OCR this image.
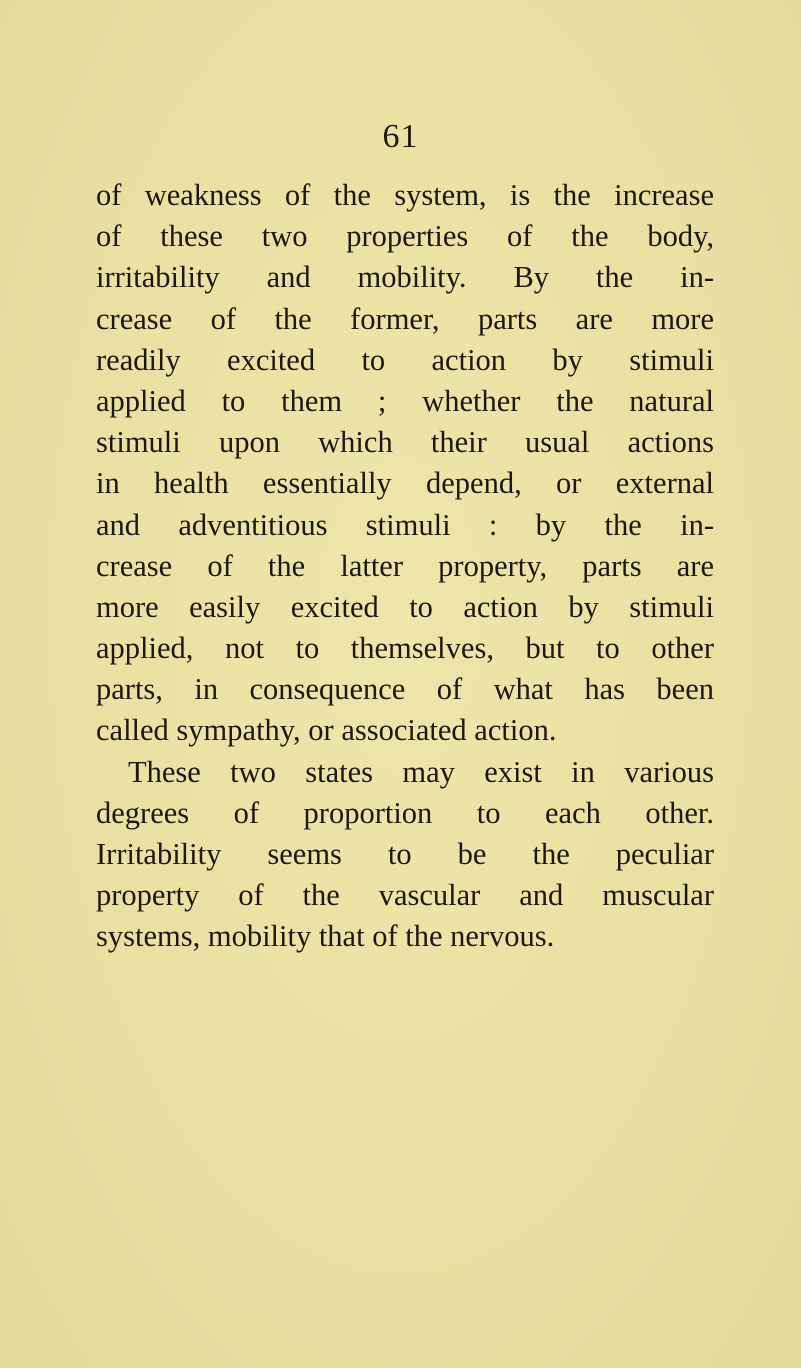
61
of weakness of the system, is the increase
of these two properties of the body,
irritability and mobility. By the in-
crease of the former, parts are more
readily excited to action by stimuli
applied to them ; whether the natural
stimuli upon which their usual actions
in health essentially depend, or external
and adventitious stimuli : by the in-
crease of the latter property, parts are
more easily excited to action by stimuli
applied, not to themselves, but to other
parts, in consequence of what has been
called sympathy, or associated action.
These two states may exist in various
degrees of proportion to each other.
Irritability seems to be the peculiar
property of the vascular and muscular
systems, mobility that of the nervous.
